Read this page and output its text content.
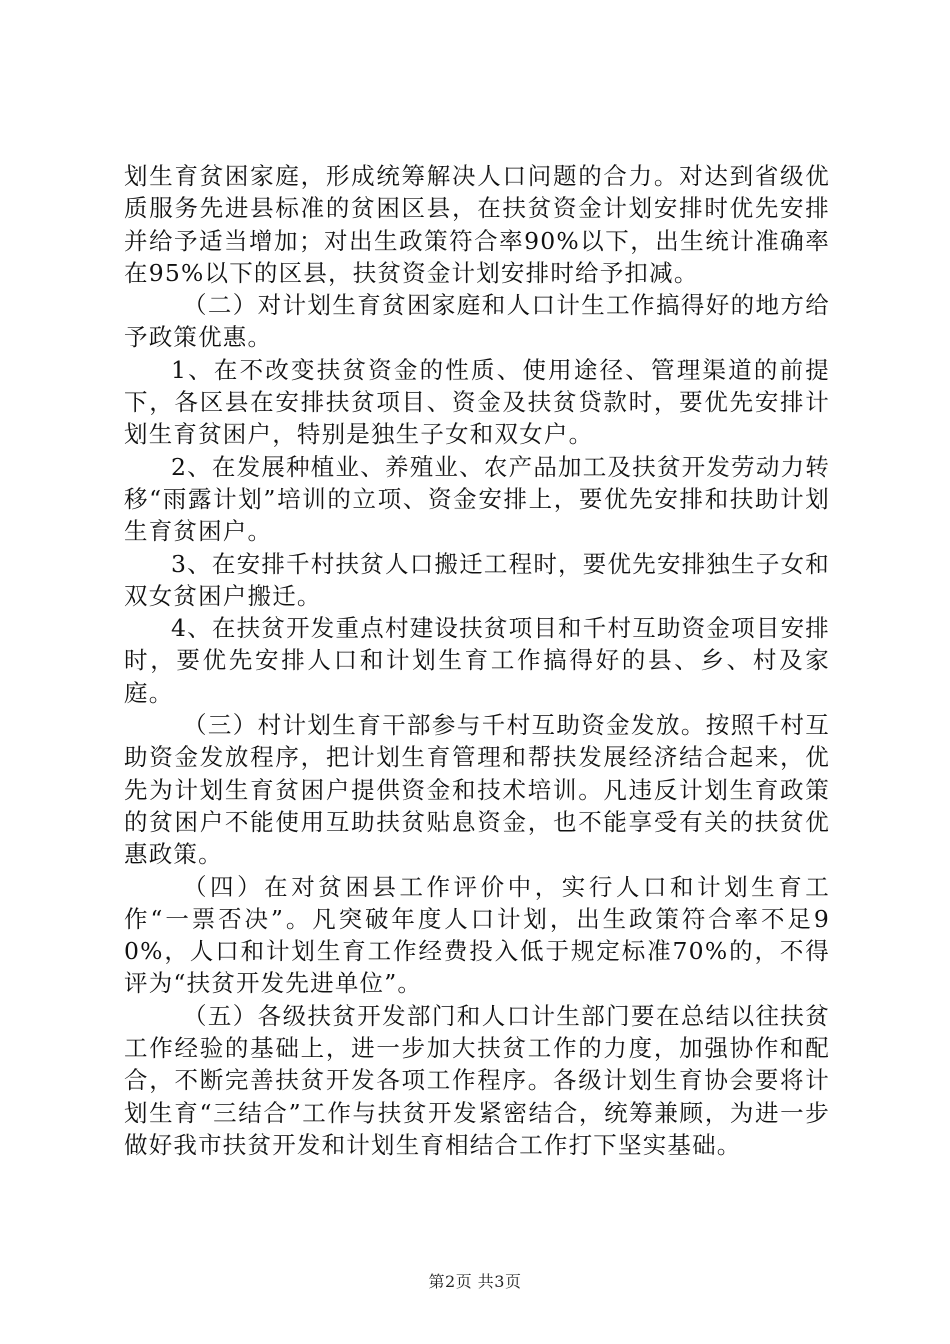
划生育贫困家庭，形成统筹解决人口问题的合力。对达到省级优质服务先进县标准的贫困区县，在扶贫资金计划安排时优先安排并给予适当增加；对出生政策符合率90%以下，出生统计准确率在95%以下的区县，扶贫资金计划安排时给予扣减。

（二）对计划生育贫困家庭和人口计生工作搞得好的地方给予政策优惠。

1、在不改变扶贫资金的性质、使用途径、管理渠道的前提下，各区县在安排扶贫项目、资金及扶贫贷款时，要优先安排计划生育贫困户，特别是独生子女和双女户。

2、在发展种植业、养殖业、农产品加工及扶贫开发劳动力转移“雨露计划”培训的立项、资金安排上，要优先安排和扶助计划生育贫困户。

3、在安排千村扶贫人口搬迁工程时，要优先安排独生子女和双女贫困户搬迁。

4、在扶贫开发重点村建设扶贫项目和千村互助资金项目安排时，要优先安排人口和计划生育工作搞得好的县、乡、村及家庭。

（三）村计划生育干部参与千村互助资金发放。按照千村互助资金发放程序，把计划生育管理和帮扶发展经济结合起来，优先为计划生育贫困户提供资金和技术培训。凡违反计划生育政策的贫困户不能使用互助扶贫贴息资金，也不能享受有关的扶贫优惠政策。

（四）在对贫困县工作评价中，实行人口和计划生育工作“一票否决”。凡突破年度人口计划，出生政策符合率不足90%，人口和计划生育工作经费投入低于规定标准70%的，不得评为“扶贫开发先进单位”。

（五）各级扶贫开发部门和人口计生部门要在总结以往扶贫工作经验的基础上，进一步加大扶贫工作的力度，加强协作和配合，不断完善扶贫开发各项工作程序。各级计划生育协会要将计划生育“三结合”工作与扶贫开发紧密结合，统筹兼顾，为进一步做好我市扶贫开发和计划生育相结合工作打下坚实基础。

第2页 共3页
